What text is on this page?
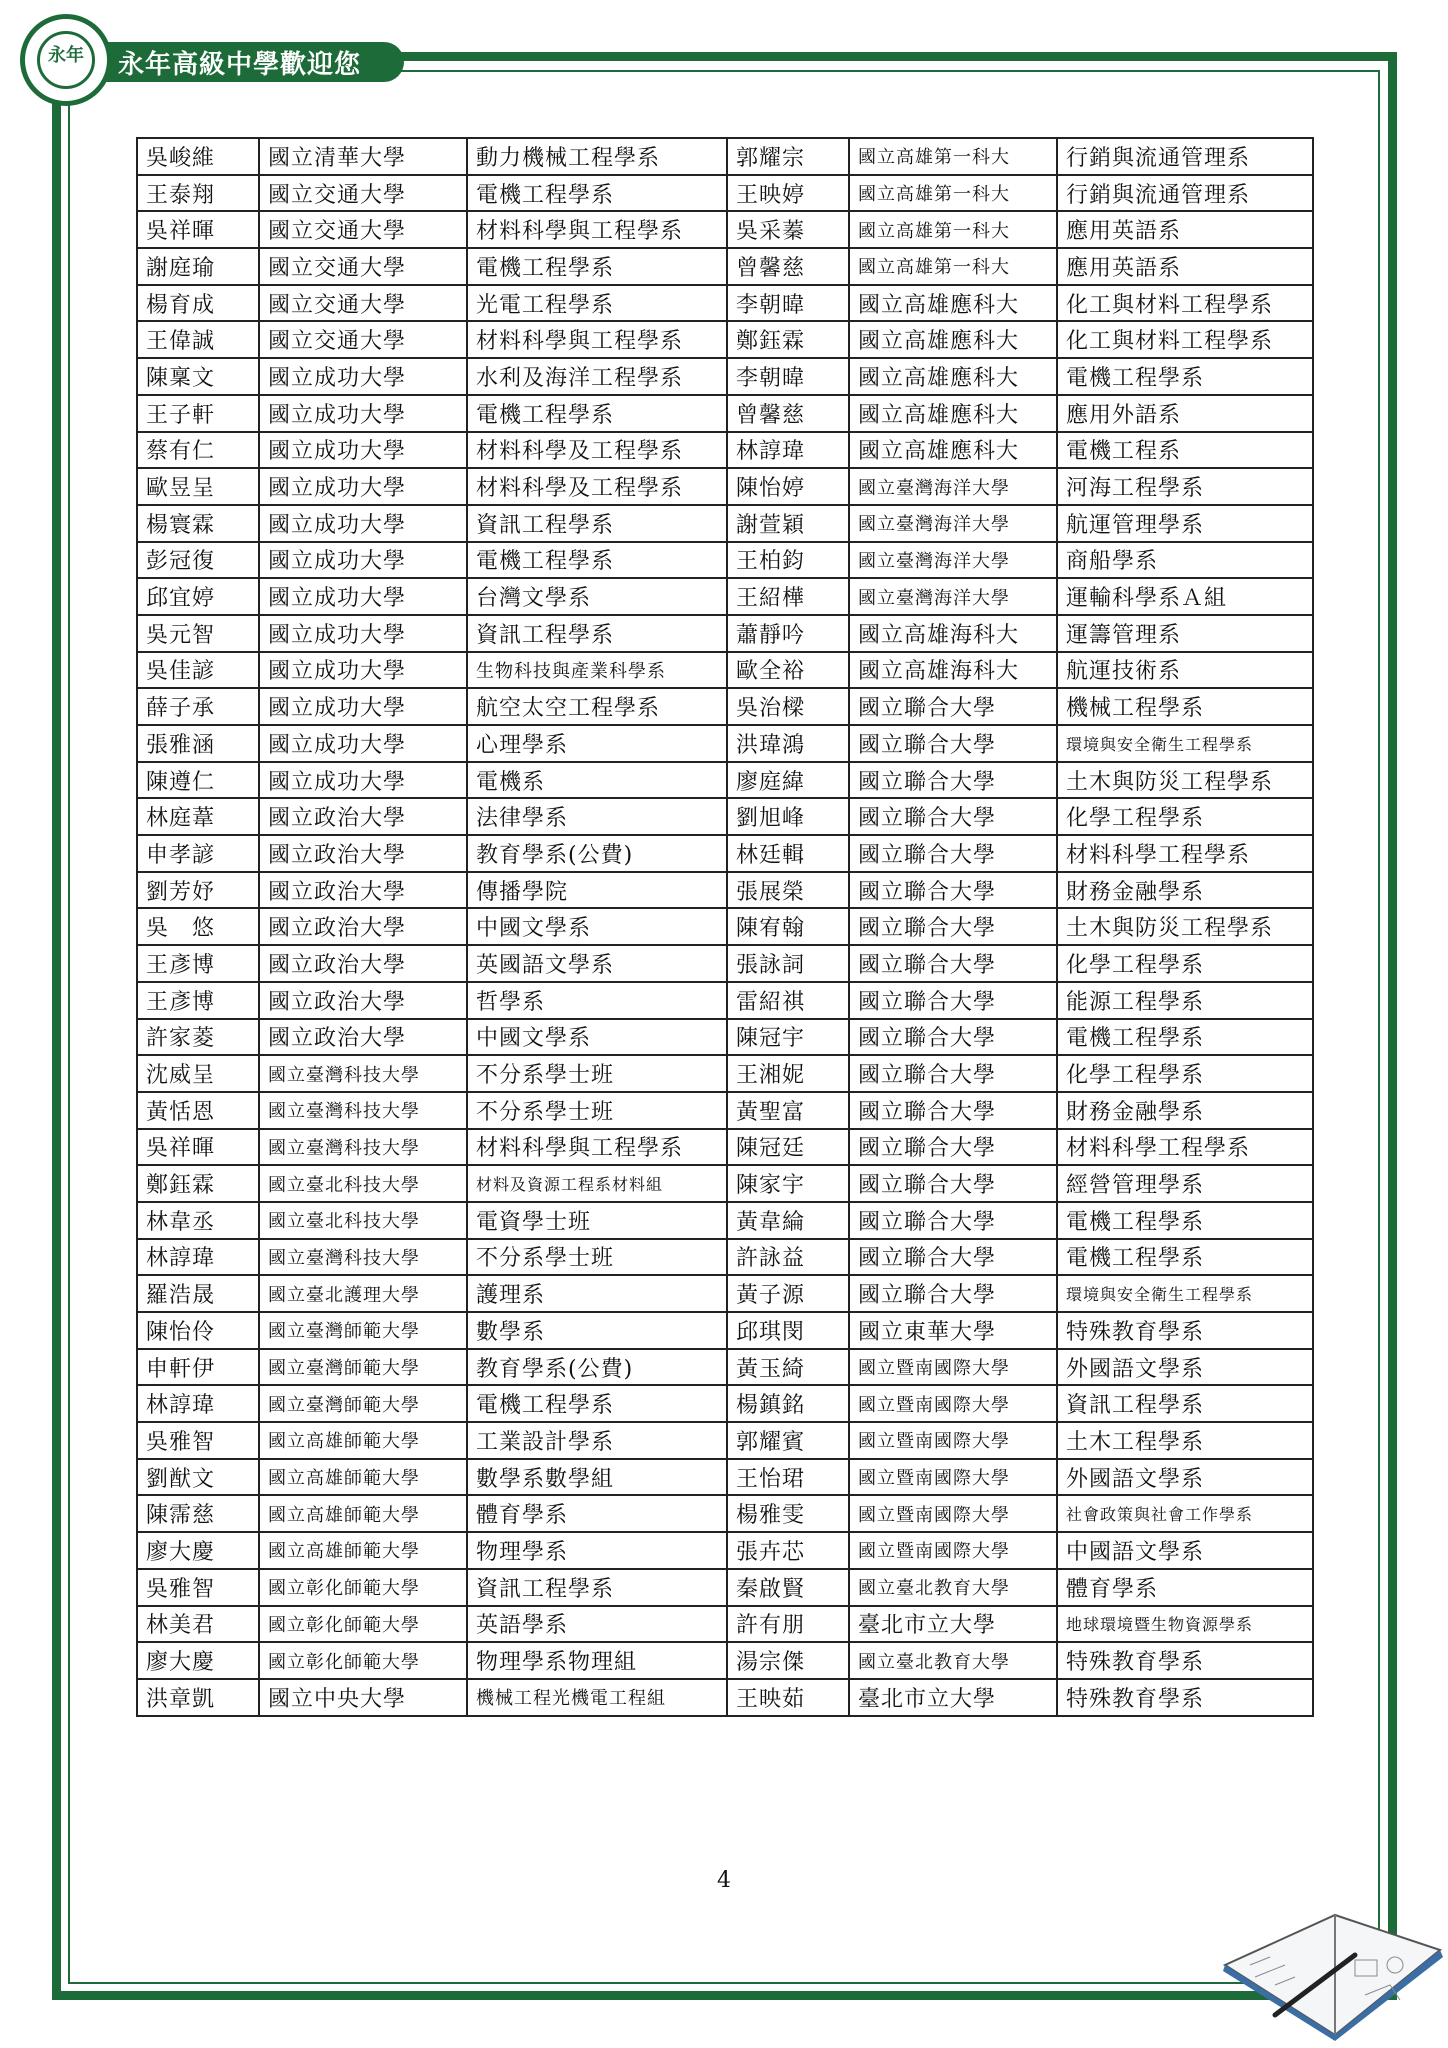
永年高級中學歡迎您
永年
吳峻維	國立清華大學	動力機械工程學系	郭耀宗	國立高雄第一科大	行銷與流通管理系
王泰翔	國立交通大學	電機工程學系	王映婷	國立高雄第一科大	行銷與流通管理系
吳祥暉	國立交通大學	材料科學與工程學系	吳采蓁	國立高雄第一科大	應用英語系
謝庭瑜	國立交通大學	電機工程學系	曾馨慈	國立高雄第一科大	應用英語系
楊育成	國立交通大學	光電工程學系	李朝暐	國立高雄應科大	化工與材料工程學系
王偉誠	國立交通大學	材料科學與工程學系	鄭鈺霖	國立高雄應科大	化工與材料工程學系
陳稟文	國立成功大學	水利及海洋工程學系	李朝暐	國立高雄應科大	電機工程學系
王子軒	國立成功大學	電機工程學系	曾馨慈	國立高雄應科大	應用外語系
蔡有仁	國立成功大學	材料科學及工程學系	林諄瑋	國立高雄應科大	電機工程系
歐昱呈	國立成功大學	材料科學及工程學系	陳怡婷	國立臺灣海洋大學	河海工程學系
楊寰霖	國立成功大學	資訊工程學系	謝萱穎	國立臺灣海洋大學	航運管理學系
彭冠復	國立成功大學	電機工程學系	王柏鈞	國立臺灣海洋大學	商船學系
邱宜婷	國立成功大學	台灣文學系	王紹樺	國立臺灣海洋大學	運輸科學系Ａ組
吳元智	國立成功大學	資訊工程學系	蕭靜吟	國立高雄海科大	運籌管理系
吳佳諺	國立成功大學	生物科技與產業科學系	歐全裕	國立高雄海科大	航運技術系
薛子承	國立成功大學	航空太空工程學系	吳治樑	國立聯合大學	機械工程學系
張雅涵	國立成功大學	心理學系	洪瑋鴻	國立聯合大學	環境與安全衛生工程學系
陳遵仁	國立成功大學	電機系	廖庭緯	國立聯合大學	土木與防災工程學系
林庭葦	國立政治大學	法律學系	劉旭峰	國立聯合大學	化學工程學系
申孝諺	國立政治大學	教育學系(公費)	林廷輯	國立聯合大學	材料科學工程學系
劉芳妤	國立政治大學	傳播學院	張展榮	國立聯合大學	財務金融學系
吳　悠	國立政治大學	中國文學系	陳宥翰	國立聯合大學	土木與防災工程學系
王彥博	國立政治大學	英國語文學系	張詠詞	國立聯合大學	化學工程學系
王彥博	國立政治大學	哲學系	雷紹祺	國立聯合大學	能源工程學系
許家菱	國立政治大學	中國文學系	陳冠宇	國立聯合大學	電機工程學系
沈威呈	國立臺灣科技大學	不分系學士班	王湘妮	國立聯合大學	化學工程學系
黃恬恩	國立臺灣科技大學	不分系學士班	黃聖富	國立聯合大學	財務金融學系
吳祥暉	國立臺灣科技大學	材料科學與工程學系	陳冠廷	國立聯合大學	材料科學工程學系
鄭鈺霖	國立臺北科技大學	材料及資源工程系材料組	陳家宇	國立聯合大學	經營管理學系
林韋丞	國立臺北科技大學	電資學士班	黃韋綸	國立聯合大學	電機工程學系
林諄瑋	國立臺灣科技大學	不分系學士班	許詠益	國立聯合大學	電機工程學系
羅浩晟	國立臺北護理大學	護理系	黃子源	國立聯合大學	環境與安全衛生工程學系
陳怡伶	國立臺灣師範大學	數學系	邱琪閔	國立東華大學	特殊教育學系
申軒伊	國立臺灣師範大學	教育學系(公費)	黃玉綺	國立暨南國際大學	外國語文學系
林諄瑋	國立臺灣師範大學	電機工程學系	楊鎮銘	國立暨南國際大學	資訊工程學系
吳雅智	國立高雄師範大學	工業設計學系	郭耀賓	國立暨南國際大學	土木工程學系
劉猷文	國立高雄師範大學	數學系數學組	王怡珺	國立暨南國際大學	外國語文學系
陳霈慈	國立高雄師範大學	體育學系	楊雅雯	國立暨南國際大學	社會政策與社會工作學系
廖大慶	國立高雄師範大學	物理學系	張卉芯	國立暨南國際大學	中國語文學系
吳雅智	國立彰化師範大學	資訊工程學系	秦啟賢	國立臺北教育大學	體育學系
林美君	國立彰化師範大學	英語學系	許有朋	臺北市立大學	地球環境暨生物資源學系
廖大慶	國立彰化師範大學	物理學系物理組	湯宗傑	國立臺北教育大學	特殊教育學系
洪章凱	國立中央大學	機械工程光機電工程組	王映茹	臺北市立大學	特殊教育學系
4
